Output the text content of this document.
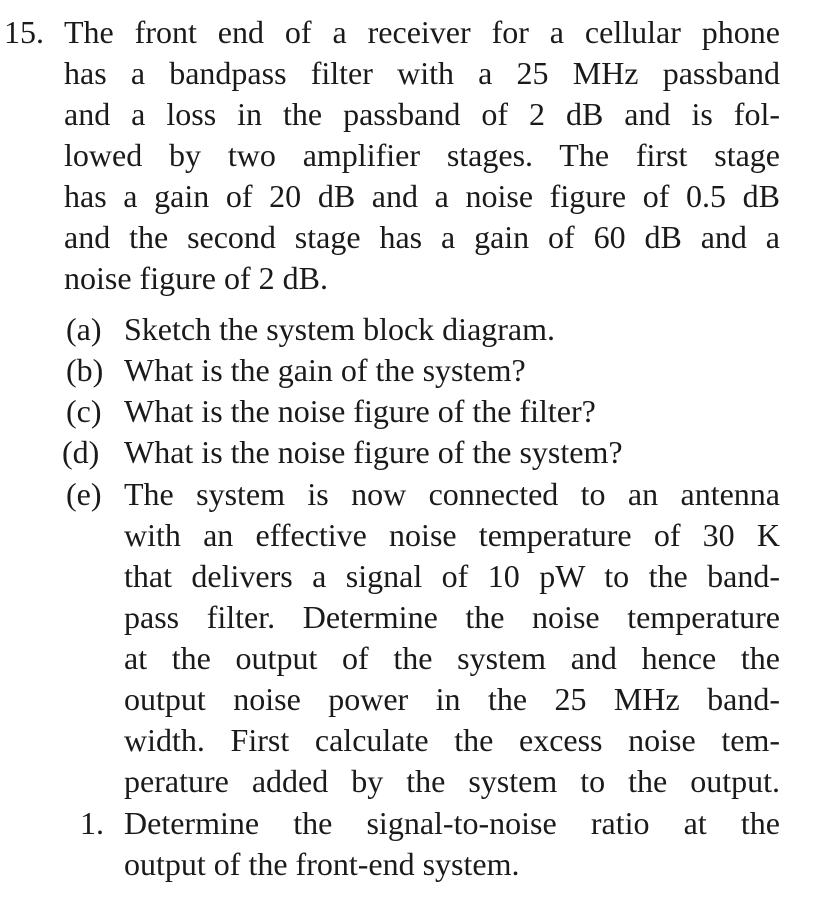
15. The front end of a receiver for a cellular phone
has a bandpass filter with a 25 MHz passband
and a loss in the passband of 2 dB and is fol-
lowed by two amplifier stages. The first stage
has a gain of 20 dB and a noise figure of 0.5 dB
and the second stage has a gain of 60 dB and a
noise figure of 2 dB.
(a) Sketch the system block diagram.
(b) What is the gain of the system?
(c) What is the noise figure of the filter?
(d) What is the noise figure of the system?
(e) The system is now connected to an antenna
with an effective noise temperature of 30 K
that delivers a signal of 10 pW to the band-
pass filter. Determine the noise temperature
at the output of the system and hence the
output noise power in the 25 MHz band-
width. First calculate the excess noise tem-
perature added by the system to the output.
1. Determine the signal-to-noise ratio at the
output of the front-end system.
